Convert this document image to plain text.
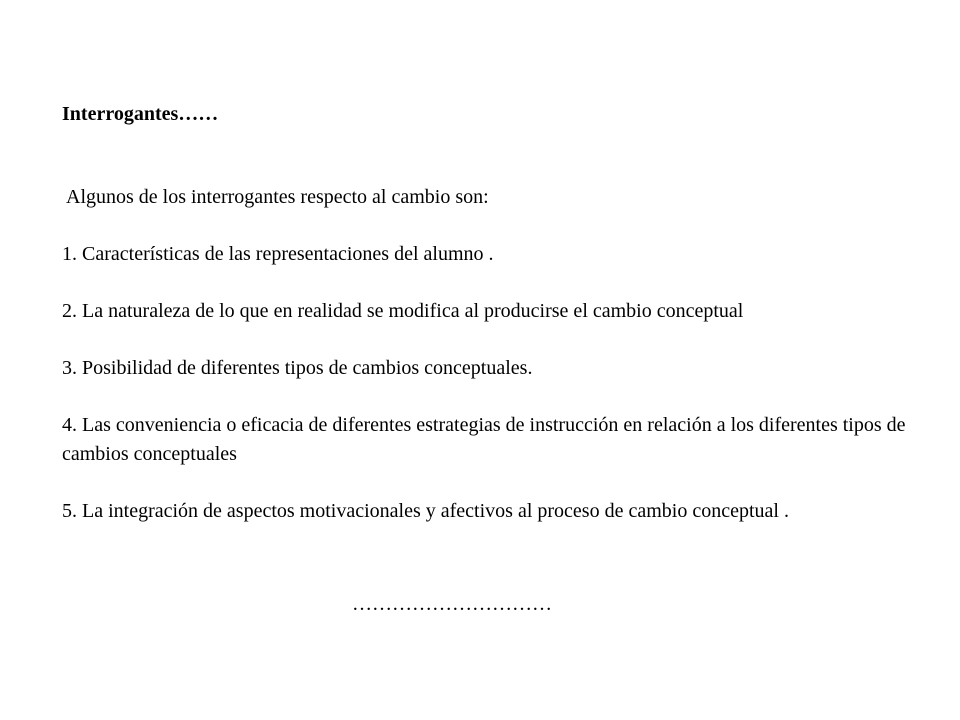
Interrogantes……
Algunos de los interrogantes respecto al cambio son:
1. Características de las representaciones del alumno .
2. La naturaleza de lo que en realidad se modifica al producirse el cambio conceptual
3. Posibilidad de diferentes tipos de cambios conceptuales.
4. Las conveniencia o eficacia de diferentes estrategias de instrucción en relación a los diferentes tipos de cambios conceptuales
5. La integración de aspectos motivacionales y afectivos al proceso de cambio conceptual .
…………………………
